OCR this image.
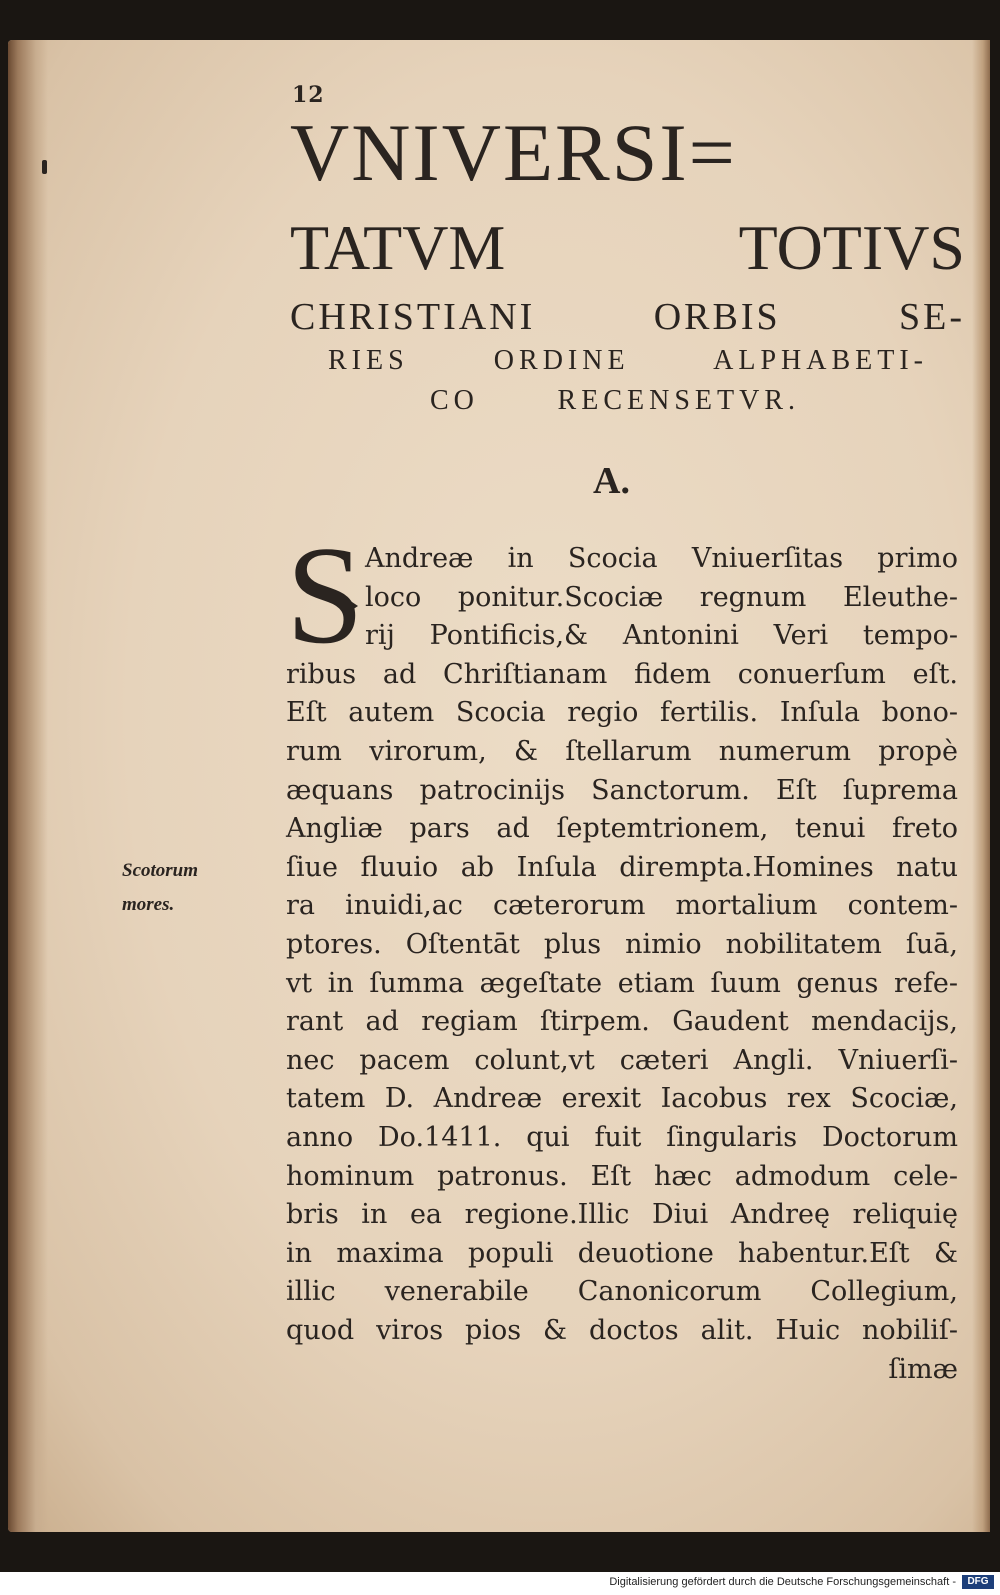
12
VNIVERSI=
TATVM TOTIVS
CHRISTIANI ORBIS SE-
RIES ORDINE ALPHABETI-
CO RECENSETVR.
A.
S Andreæ in Scocia Vniuerſitas primo
loco ponitur.Scociæ regnum Eleuthe-
rij Pontificis,& Antonini Veri tempo-
ribus ad Chriſtianam fidem conuerſum eſt.
Eſt autem Scocia regio fertilis. Inſula bono-
rum virorum, & ſtellarum numerum propè
æquans patrocinijs Sanctorum. Eſt ſuprema
Angliæ pars ad ſeptemtrionem, tenui freto
ſiue fluuio ab Inſula dirempta.Homines natu
ra inuidi,ac cæterorum mortalium contem-
ptores. Oſtentāt plus nimio nobilitatem ſuā,
vt in ſumma ægeſtate etiam ſuum genus refe-
rant ad regiam ſtirpem. Gaudent mendacijs,
nec pacem colunt,vt cæteri Angli. Vniuerſi-
tatem D. Andreæ erexit Iacobus rex Scociæ,
anno Do.1411. qui fuit ſingularis Doctorum
hominum patronus. Eſt hæc admodum cele-
bris in ea regione.Illic Diui Andreę reliquię
in maxima populi deuotione habentur.Eſt &
illic venerabile Canonicorum Collegium,
quod viros pios & doctos alit. Huic nobiliſ-
ſimæ
Scotorum
mores.
Digitalisierung gefördert durch die Deutsche Forschungsgemeinschaft -	DFG
